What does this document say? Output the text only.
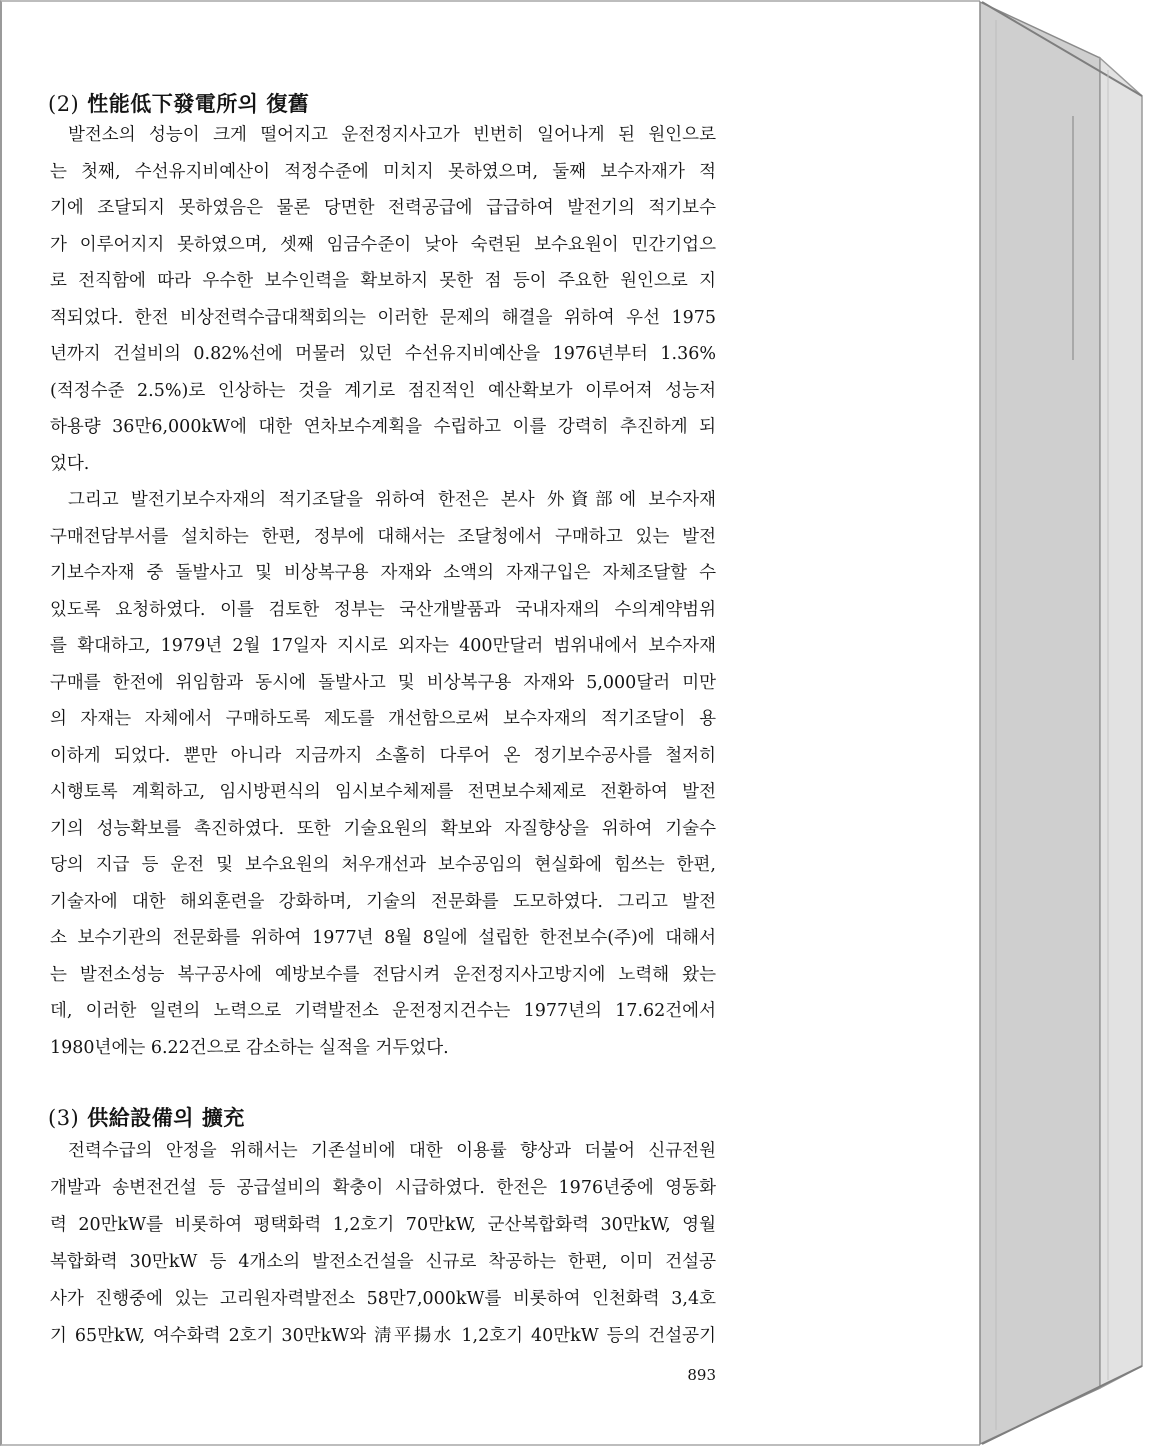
(2) 性能低下發電所의 復舊

발전소의 성능이 크게 떨어지고 운전정지사고가 빈번히 일어나게 된 원인으로

는 첫째, 수선유지비예산이 적정수준에 미치지 못하였으며, 둘째 보수자재가 적

기에 조달되지 못하였음은 물론 당면한 전력공급에 급급하여 발전기의 적기보수

가 이루어지지 못하였으며, 셋째 임금수준이 낮아 숙련된 보수요원이 민간기업으

로 전직함에 따라 우수한 보수인력을 확보하지 못한 점 등이 주요한 원인으로 지

적되었다. 한전 비상전력수급대책회의는 이러한 문제의 해결을 위하여 우선 1975

년까지 건설비의 0.82%선에 머물러 있던 수선유지비예산을 1976년부터 1.36%

(적정수준 2.5%)로 인상하는 것을 계기로 점진적인 예산확보가 이루어져 성능저

하용량 36만6,000kW에 대한 연차보수계획을 수립하고 이를 강력히 추진하게 되

었다.

그리고 발전기보수자재의 적기조달을 위하여 한전은 본사 外資部에 보수자재

구매전담부서를 설치하는 한편, 정부에 대해서는 조달청에서 구매하고 있는 발전

기보수자재 중 돌발사고 및 비상복구용 자재와 소액의 자재구입은 자체조달할 수

있도록 요청하였다. 이를 검토한 정부는 국산개발품과 국내자재의 수의계약범위

를 확대하고, 1979년 2월 17일자 지시로 외자는 400만달러 범위내에서 보수자재

구매를 한전에 위임함과 동시에 돌발사고 및 비상복구용 자재와 5,000달러 미만

의 자재는 자체에서 구매하도록 제도를 개선함으로써 보수자재의 적기조달이 용

이하게 되었다. 뿐만 아니라 지금까지 소홀히 다루어 온 정기보수공사를 철저히

시행토록 계획하고, 임시방편식의 임시보수체제를 전면보수체제로 전환하여 발전

기의 성능확보를 촉진하였다. 또한 기술요원의 확보와 자질향상을 위하여 기술수

당의 지급 등 운전 및 보수요원의 처우개선과 보수공임의 현실화에 힘쓰는 한편,

기술자에 대한 해외훈련을 강화하며, 기술의 전문화를 도모하였다. 그리고 발전

소 보수기관의 전문화를 위하여 1977년 8월 8일에 설립한 한전보수(주)에 대해서

는 발전소성능 복구공사에 예방보수를 전담시켜 운전정지사고방지에 노력해 왔는

데, 이러한 일련의 노력으로 기력발전소 운전정지건수는 1977년의 17.62건에서

1980년에는 6.22건으로 감소하는 실적을 거두었다.

(3) 供給設備의 擴充

전력수급의 안정을 위해서는 기존설비에 대한 이용률 향상과 더불어 신규전원

개발과 송변전건설 등 공급설비의 확충이 시급하였다. 한전은 1976년중에 영동화

력 20만kW를 비롯하여 평택화력 1,2호기 70만kW, 군산복합화력 30만kW, 영월

복합화력 30만kW 등 4개소의 발전소건설을 신규로 착공하는 한편, 이미 건설공

사가 진행중에 있는 고리원자력발전소 58만7,000kW를 비롯하여 인천화력 3,4호

기 65만kW, 여수화력 2호기 30만kW와 淸平揚水 1,2호기 40만kW 등의 건설공기

893
